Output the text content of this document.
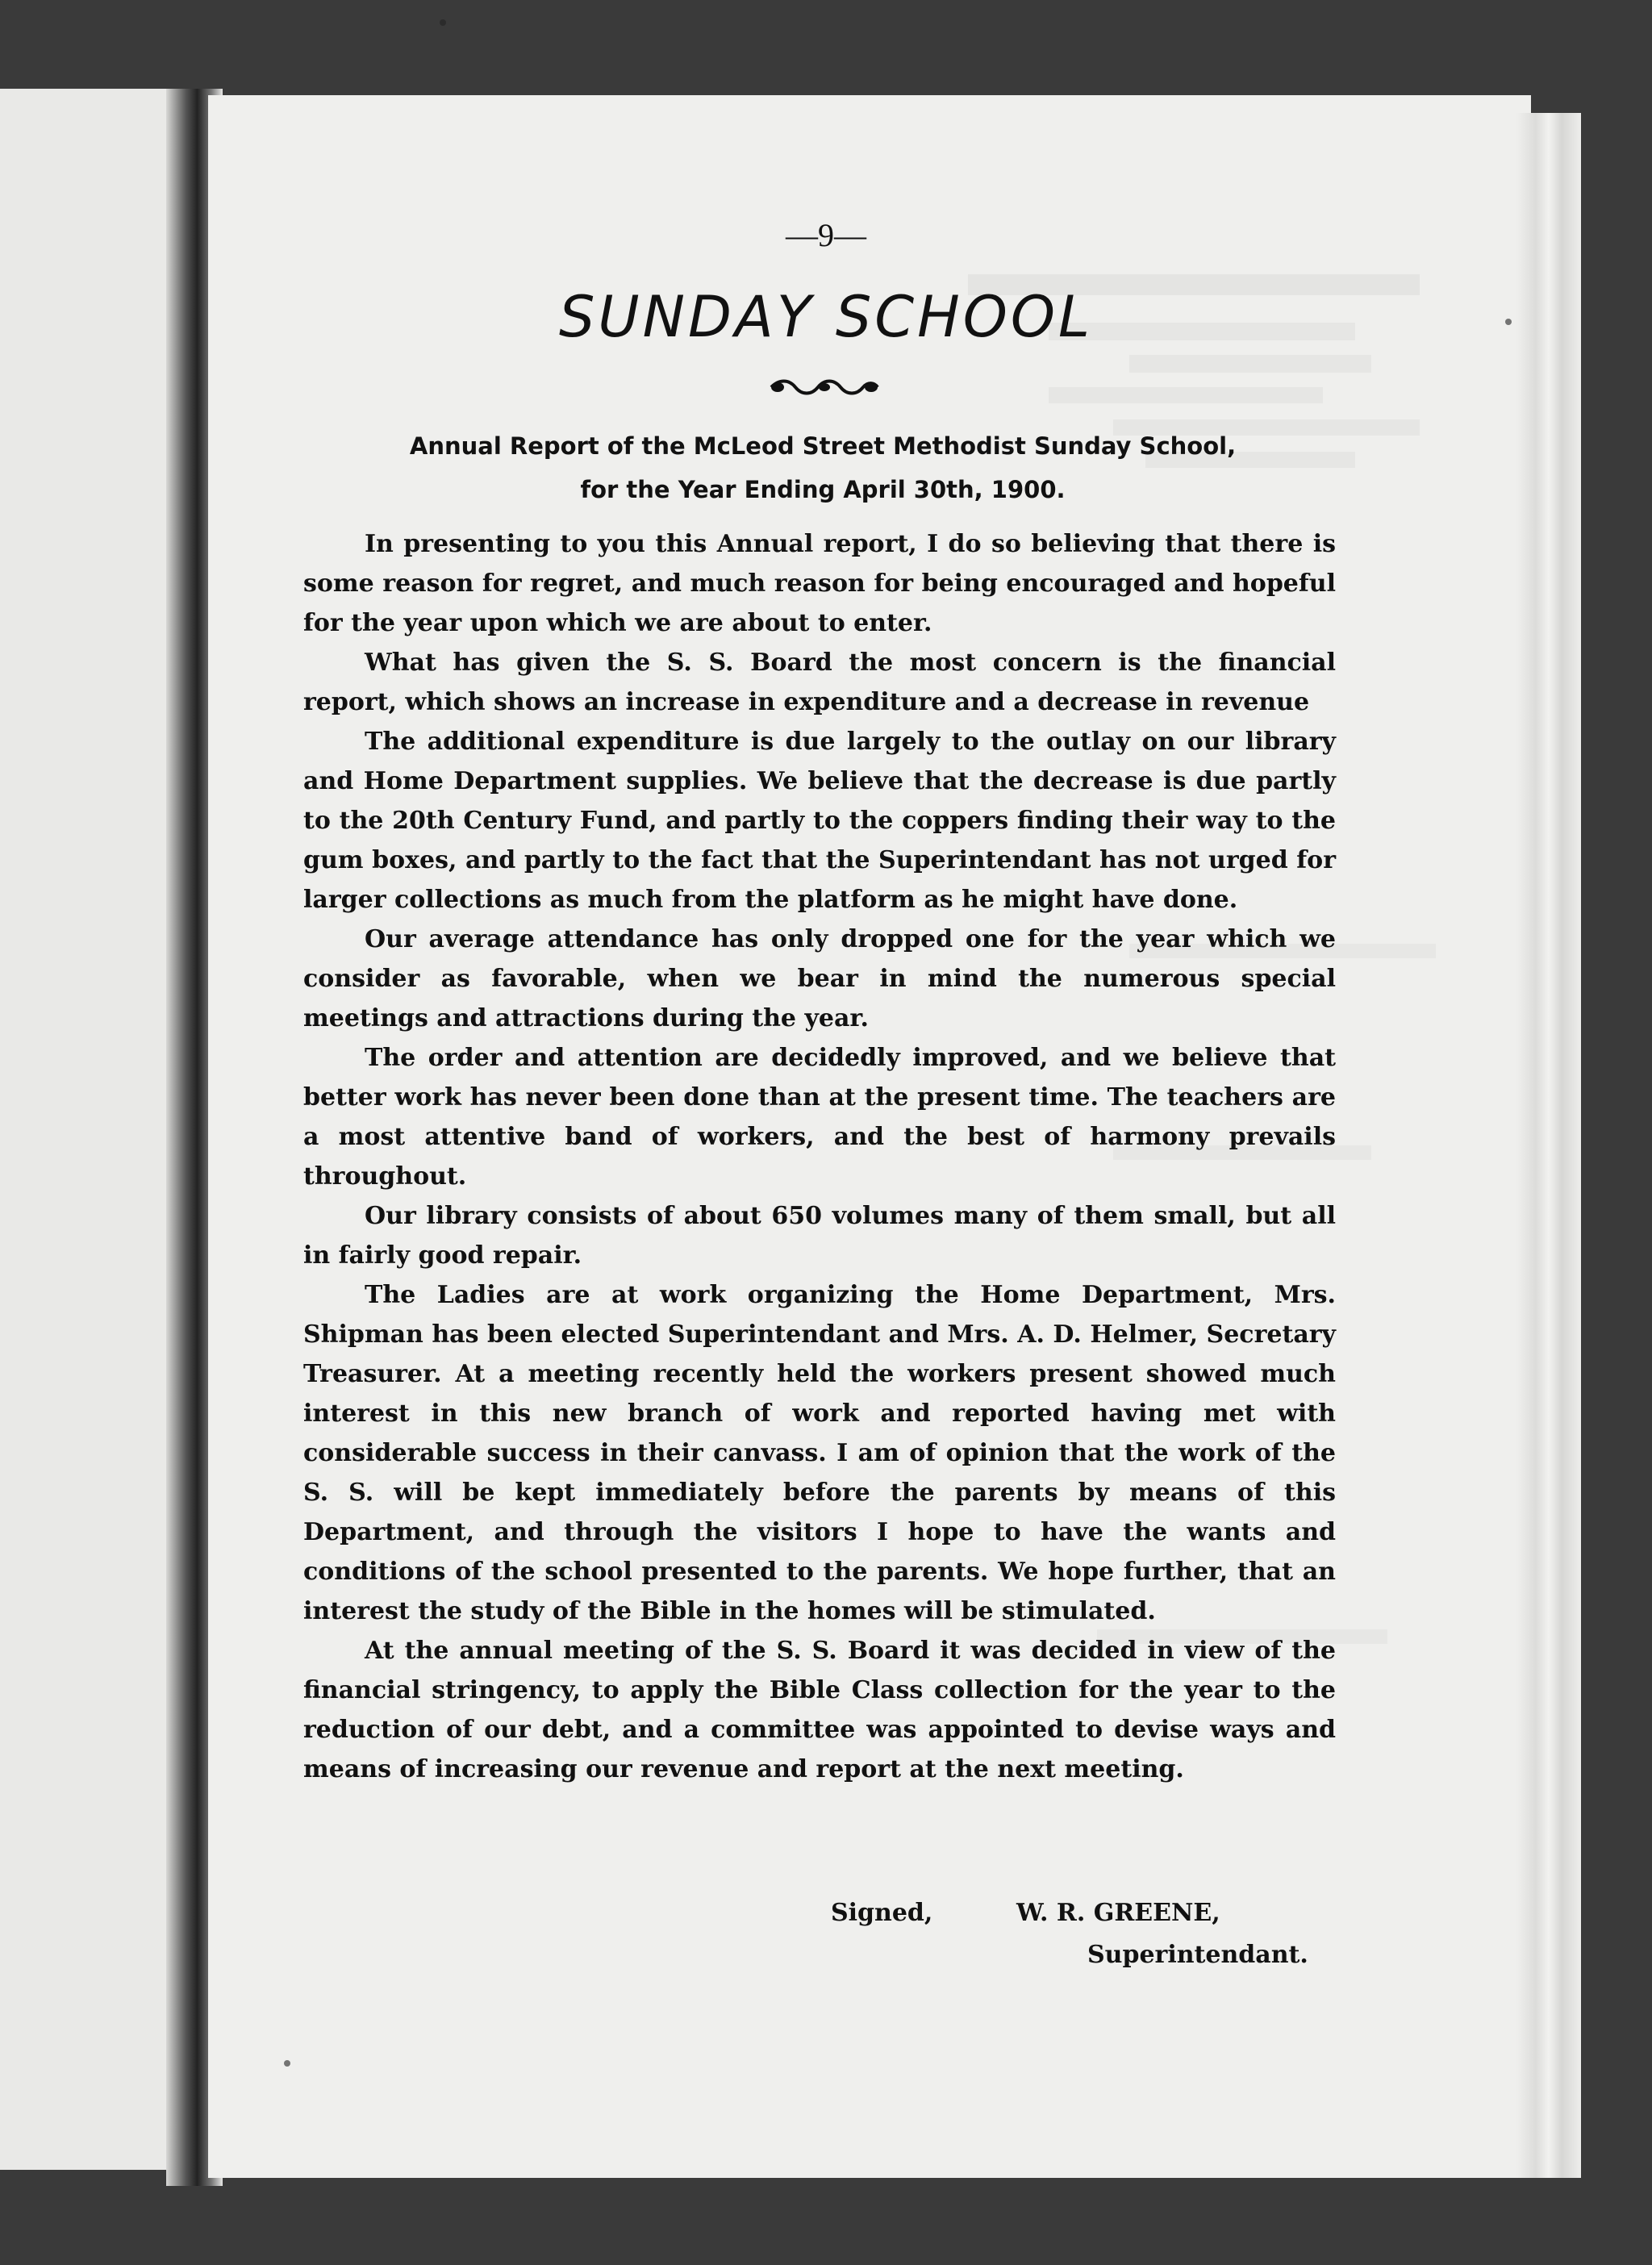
—9—
SUNDAY SCHOOL
Annual Report of the McLeod Street Methodist Sunday School,
for the Year Ending April 30th, 1900.

In presenting to you this Annual report, I do so believing that there is some reason for regret, and much reason for being encouraged and hopeful for the year upon which we are about to enter.

What has given the S. S. Board the most concern is the financial report, which shows an increase in expenditure and a decrease in revenue

The additional expenditure is due largely to the outlay on our library and Home Department supplies. We believe that the decrease is due partly to the 20th Century Fund, and partly to the coppers finding their way to the gum boxes, and partly to the fact that the Superintendant has not urged for larger collections as much from the platform as he might have done.

Our average attendance has only dropped one for the year which we consider as favorable, when we bear in mind the numerous special meetings and attractions during the year.

The order and attention are decidedly improved, and we believe that better work has never been done than at the present time. The teachers are a most attentive band of workers, and the best of harmony prevails throughout.

Our library consists of about 650 volumes many of them small, but all in fairly good repair.

The Ladies are at work organizing the Home Department, Mrs. Shipman has been elected Superintendant and Mrs. A. D. Helmer, Secretary Treasurer. At a meeting recently held the workers present showed much interest in this new branch of work and reported having met with considerable success in their canvass. I am of opinion that the work of the S. S. will be kept immediately before the parents by means of this Department, and through the visitors I hope to have the wants and conditions of the school presented to the parents. We hope further, that an interest the study of the Bible in the homes will be stimulated.

At the annual meeting of the S. S. Board it was decided in view of the financial stringency, to apply the Bible Class collection for the year to the reduction of our debt, and a committee was appointed to devise ways and means of increasing our revenue and report at the next meeting.

Signed,	W. R. GREENE,
Superintendant.
